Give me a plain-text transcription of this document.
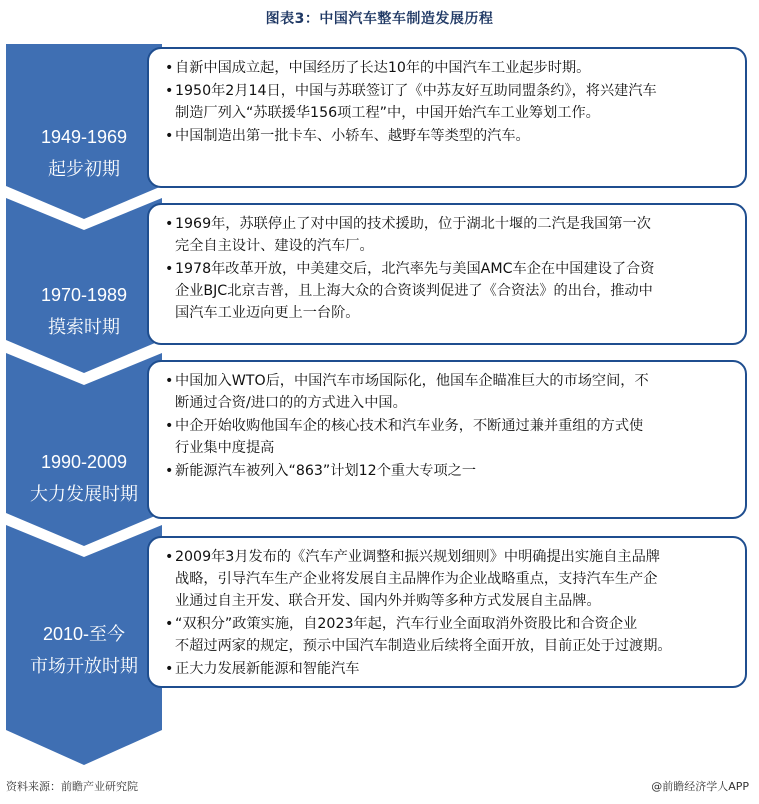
图表3：中国汽车整车制造发展历程
1949-1969
起步初期
• 自新中国成立起，中国经历了长达10年的中国汽车工业起步时期。
• 1950年2月14日，中国与苏联签订了《中苏友好互助同盟条约》，将兴建汽车
制造厂列入“苏联援华156项工程”中，中国开始汽车工业筹划工作。
• 中国制造出第一批卡车、小轿车、越野车等类型的汽车。
1970-1989
摸索时期
• 1969年，苏联停止了对中国的技术援助，位于湖北十堰的二汽是我国第一次
完全自主设计、建设的汽车厂。
• 1978年改革开放，中美建交后，北汽率先与美国AMC车企在中国建设了合资
企业BJC北京吉普，且上海大众的合资谈判促进了《合资法》的出台，推动中
国汽车工业迈向更上一台阶。
1990-2009
大力发展时期
• 中国加入WTO后，中国汽车市场国际化，他国车企瞄准巨大的市场空间，不
断通过合资/进口的的方式进入中国。
• 中企开始收购他国车企的核心技术和汽车业务，不断通过兼并重组的方式使
行业集中度提高
• 新能源汽车被列入“863”计划12个重大专项之一
2010-至今
市场开放时期
• 2009年3月发布的《汽车产业调整和振兴规划细则》中明确提出实施自主品牌
战略，引导汽车生产企业将发展自主品牌作为企业战略重点，支持汽车生产企
业通过自主开发、联合开发、国内外并购等多种方式发展自主品牌。
• “双积分”政策实施，自2023年起，汽车行业全面取消外资股比和合资企业
不超过两家的规定，预示中国汽车制造业后续将全面开放，目前正处于过渡期。
• 正大力发展新能源和智能汽车
资料来源：前瞻产业研究院	@前瞻经济学人APP
